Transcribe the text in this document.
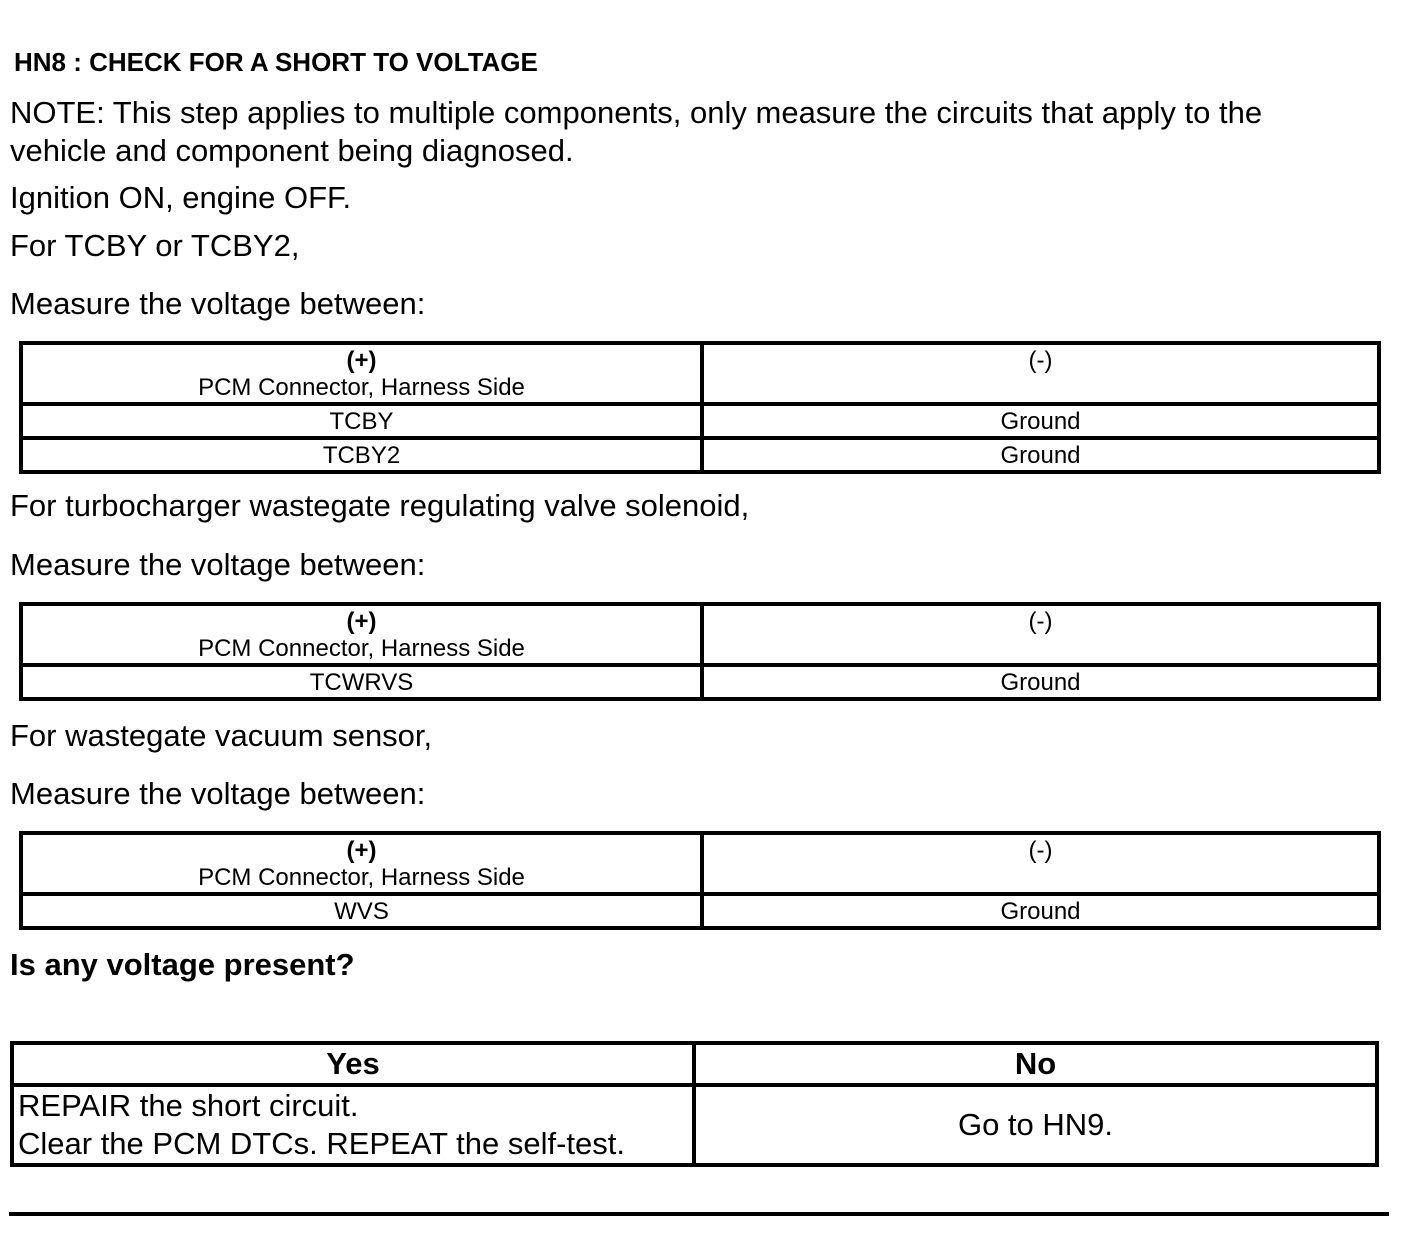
HN8 : CHECK FOR A SHORT TO VOLTAGE
NOTE: This step applies to multiple components, only measure the circuits that apply to the
vehicle and component being diagnosed.
Ignition ON, engine OFF.
For TCBY or TCBY2,
Measure the voltage between:
(+)
PCM Connector, Harness Side	(-)

TCBY	Ground
TCBY2	Ground
For turbocharger wastegate regulating valve solenoid,
Measure the voltage between:
(+)
PCM Connector, Harness Side	(-)

TCWRVS	Ground
For wastegate vacuum sensor,
Measure the voltage between:
(+)
PCM Connector, Harness Side	(-)

WVS	Ground
Is any voltage present?
Yes	No

REPAIR the short circuit.
Clear the PCM DTCs. REPEAT the self-test.	Go to HN9.
